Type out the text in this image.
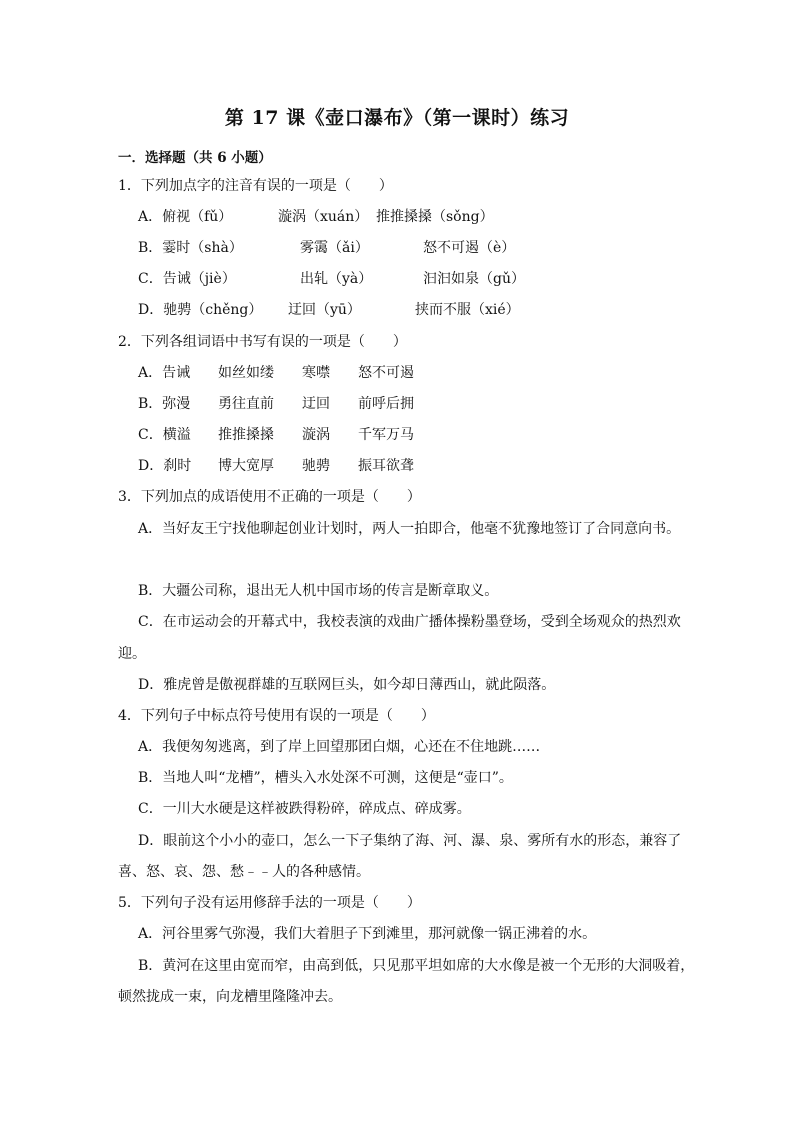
第 17 课《壶口瀑布》（第一课时）练习
一．选择题（共 6 小题）
1．下列加点字的注音有误的一项是（　　）
A．俯视（fǔ）	漩涡（xuán） 推推搡搡（sǒng）
B．霎时（shà）	雾霭（ǎi）	怒不可遏（è）
C．告诫（jiè）	出轧（yà）	汩汩如泉（gǔ）
D．驰骋（chěng） 迂回（yū）	挟而不服（xié）
2．下列各组词语中书写有误的一项是（　　）
A．告诫 如丝如缕 寒噤 怒不可遏
B．弥漫 勇往直前 迂回 前呼后拥
C．横溢 推推搡搡 漩涡 千军万马
D．刹时 博大宽厚 驰骋 振耳欲聋
3．下列加点的成语使用不正确的一项是（　　）
A．当好友王宁找他聊起创业计划时，两人一拍即合，他毫不犹豫地签订了合同意向书。
B．大疆公司称，退出无人机中国市场的传言是断章取义。
C．在市运动会的开幕式中，我校表演的戏曲广播体操粉墨登场，受到全场观众的热烈欢
迎。
D．雅虎曾是傲视群雄的互联网巨头，如今却日薄西山，就此陨落。
4．下列句子中标点符号使用有误的一项是（　　）
A．我便匆匆逃离，到了岸上回望那团白烟，心还在不住地跳……
B．当地人叫“龙槽”，槽头入水处深不可测，这便是“壶口”。
C．一川大水硬是这样被跌得粉碎，碎成点、碎成雾。
D．眼前这个小小的壶口，怎么一下子集纳了海、河、瀑、泉、雾所有水的形态，兼容了
喜、怒、哀、怨、愁﹣﹣人的各种感情。
5．下列句子没有运用修辞手法的一项是（　　）
A．河谷里雾气弥漫，我们大着胆子下到滩里，那河就像一锅正沸着的水。
B．黄河在这里由宽而窄，由高到低，只见那平坦如席的大水像是被一个无形的大洞吸着，
顿然拢成一束，向龙槽里隆隆冲去。
